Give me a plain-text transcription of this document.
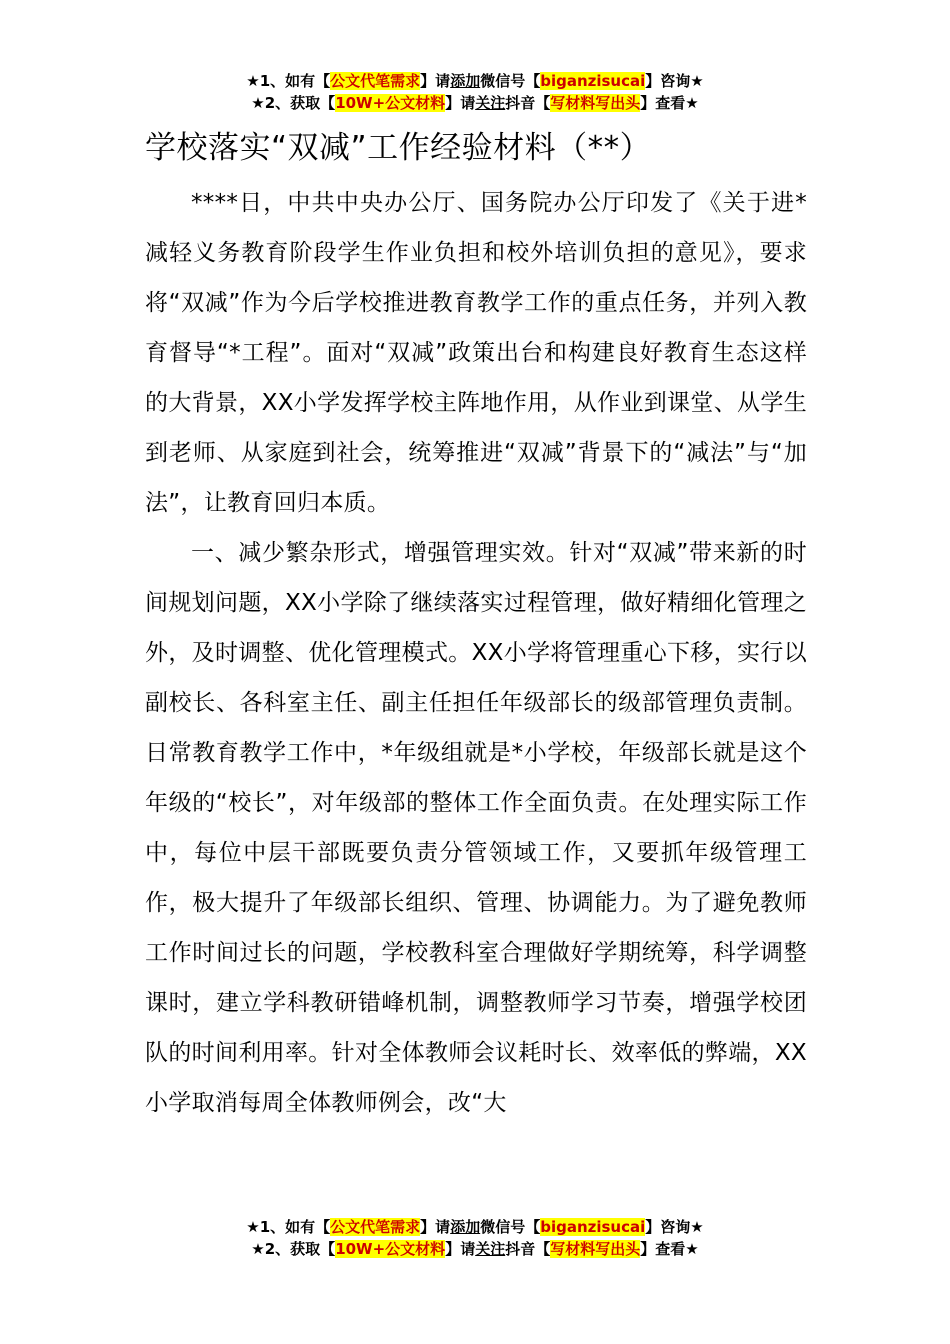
★1、如有【公文代笔需求】请添加微信号【biganzisucai】咨询★
★2、获取【10W+公文材料】请关注抖音【写材料写出头】查看★
学校落实“双减”工作经验材料（**）

****日，中共中央办公厅、国务院办公厅印发了《关于进*减轻义务教育阶段学生作业负担和校外培训负担的意见》，要求将“双减”作为今后学校推进教育教学工作的重点任务，并列入教育督导“*工程”。面对“双减”政策出台和构建良好教育生态这样的大背景，XX小学发挥学校主阵地作用，从作业到课堂、从学生到老师、从家庭到社会，统筹推进“双减”背景下的“减法”与“加法”，让教育回归本质。

一、减少繁杂形式，增强管理实效。针对“双减”带来新的时间规划问题，XX小学除了继续落实过程管理，做好精细化管理之外，及时调整、优化管理模式。XX小学将管理重心下移，实行以副校长、各科室主任、副主任担任年级部长的级部管理负责制。日常教育教学工作中，*年级组就是*小学校，年级部长就是这个年级的“校长”，对年级部的整体工作全面负责。在处理实际工作中，每位中层干部既要负责分管领域工作，又要抓年级管理工作，极大提升了年级部长组织、管理、协调能力。为了避免教师工作时间过长的问题，学校教科室合理做好学期统筹，科学调整课时，建立学科教研错峰机制，调整教师学习节奏，增强学校团队的时间利用率。针对全体教师会议耗时长、效率低的弊端，XX小学取消每周全体教师例会，改“大

★1、如有【公文代笔需求】请添加微信号【biganzisucai】咨询★
★2、获取【10W+公文材料】请关注抖音【写材料写出头】查看★
